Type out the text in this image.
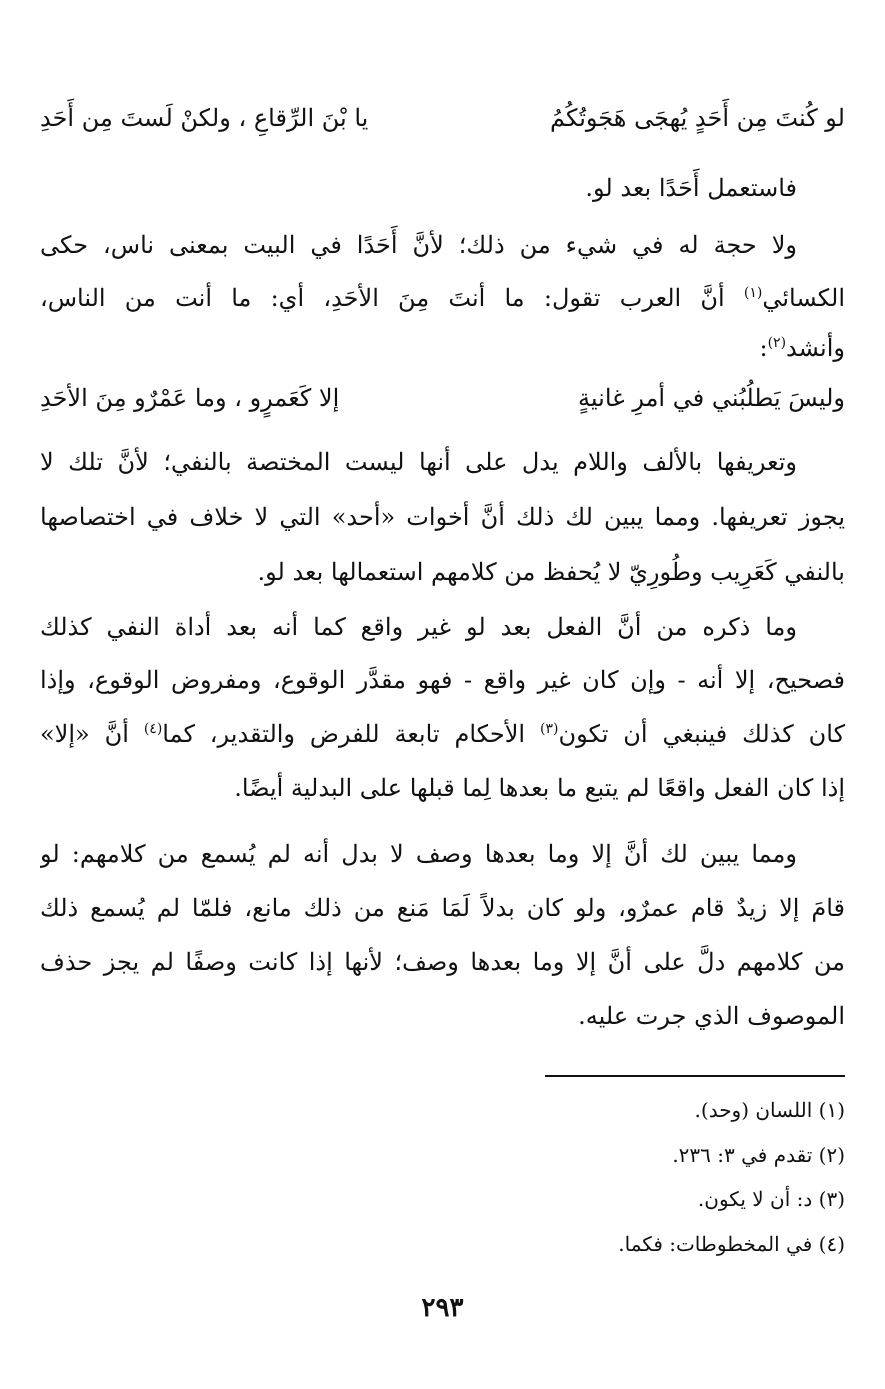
لو كُنتَ مِن أَحَدٍ يُهجَى هَجَوتُكُمُ
يا بْنَ الرِّقاعِ ، ولكنْ لَستَ مِن أَحَدِ
فاستعمل أَحَدًا بعد لو.
ولا حجة له في شيء من ذلك؛ لأنَّ أَحَدًا في البيت بمعنى ناس، حكى
الكسائي$^{(١)}$ أنَّ العرب تقول: ما أنتَ مِنَ الأحَدِ، أي: ما أنت من الناس،
وأنشد$^{(٢)}$:
وليسَ يَطلُبُني في أمرِ غانيةٍ
إلا كَعَمرٍو ، وما عَمْرٌو مِنَ الأحَدِ
وتعريفها بالألف واللام يدل على أنها ليست المختصة بالنفي؛ لأنَّ تلك لا
يجوز تعريفها. ومما يبين لك ذلك أنَّ أخوات «أحد» التي لا خلاف في اختصاصها
بالنفي كَعَرِيب وطُورِيّ لا يُحفظ من كلامهم استعمالها بعد لو.
وما ذكره من أنَّ الفعل بعد لو غير واقع كما أنه بعد أداة النفي كذلك
فصحيح، إلا أنه - وإن كان غير واقع - فهو مقدَّر الوقوع، ومفروض الوقوع، وإذا
كان كذلك فينبغي أن تكون$^{(٣)}$ الأحكام تابعة للفرض والتقدير، كما$^{(٤)}$ أنَّ «إلا»
إذا كان الفعل واقعًا لم يتبع ما بعدها لِما قبلها على البدلية أيضًا.
ومما يبين لك أنَّ إلا وما بعدها وصف لا بدل أنه لم يُسمع من كلامهم: لو
قامَ إلا زيدٌ قام عمرٌو، ولو كان بدلاً لَمَا مَنع من ذلك مانع، فلمّا لم يُسمع ذلك
من كلامهم دلَّ على أنَّ إلا وما بعدها وصف؛ لأنها إذا كانت وصفًا لم يجز حذف
الموصوف الذي جرت عليه.
(١) اللسان (وحد).
(٢) تقدم في ٣: ٢٣٦.
(٣) د: أن لا يكون.
(٤) في المخطوطات: فكما.
٢٩٣
